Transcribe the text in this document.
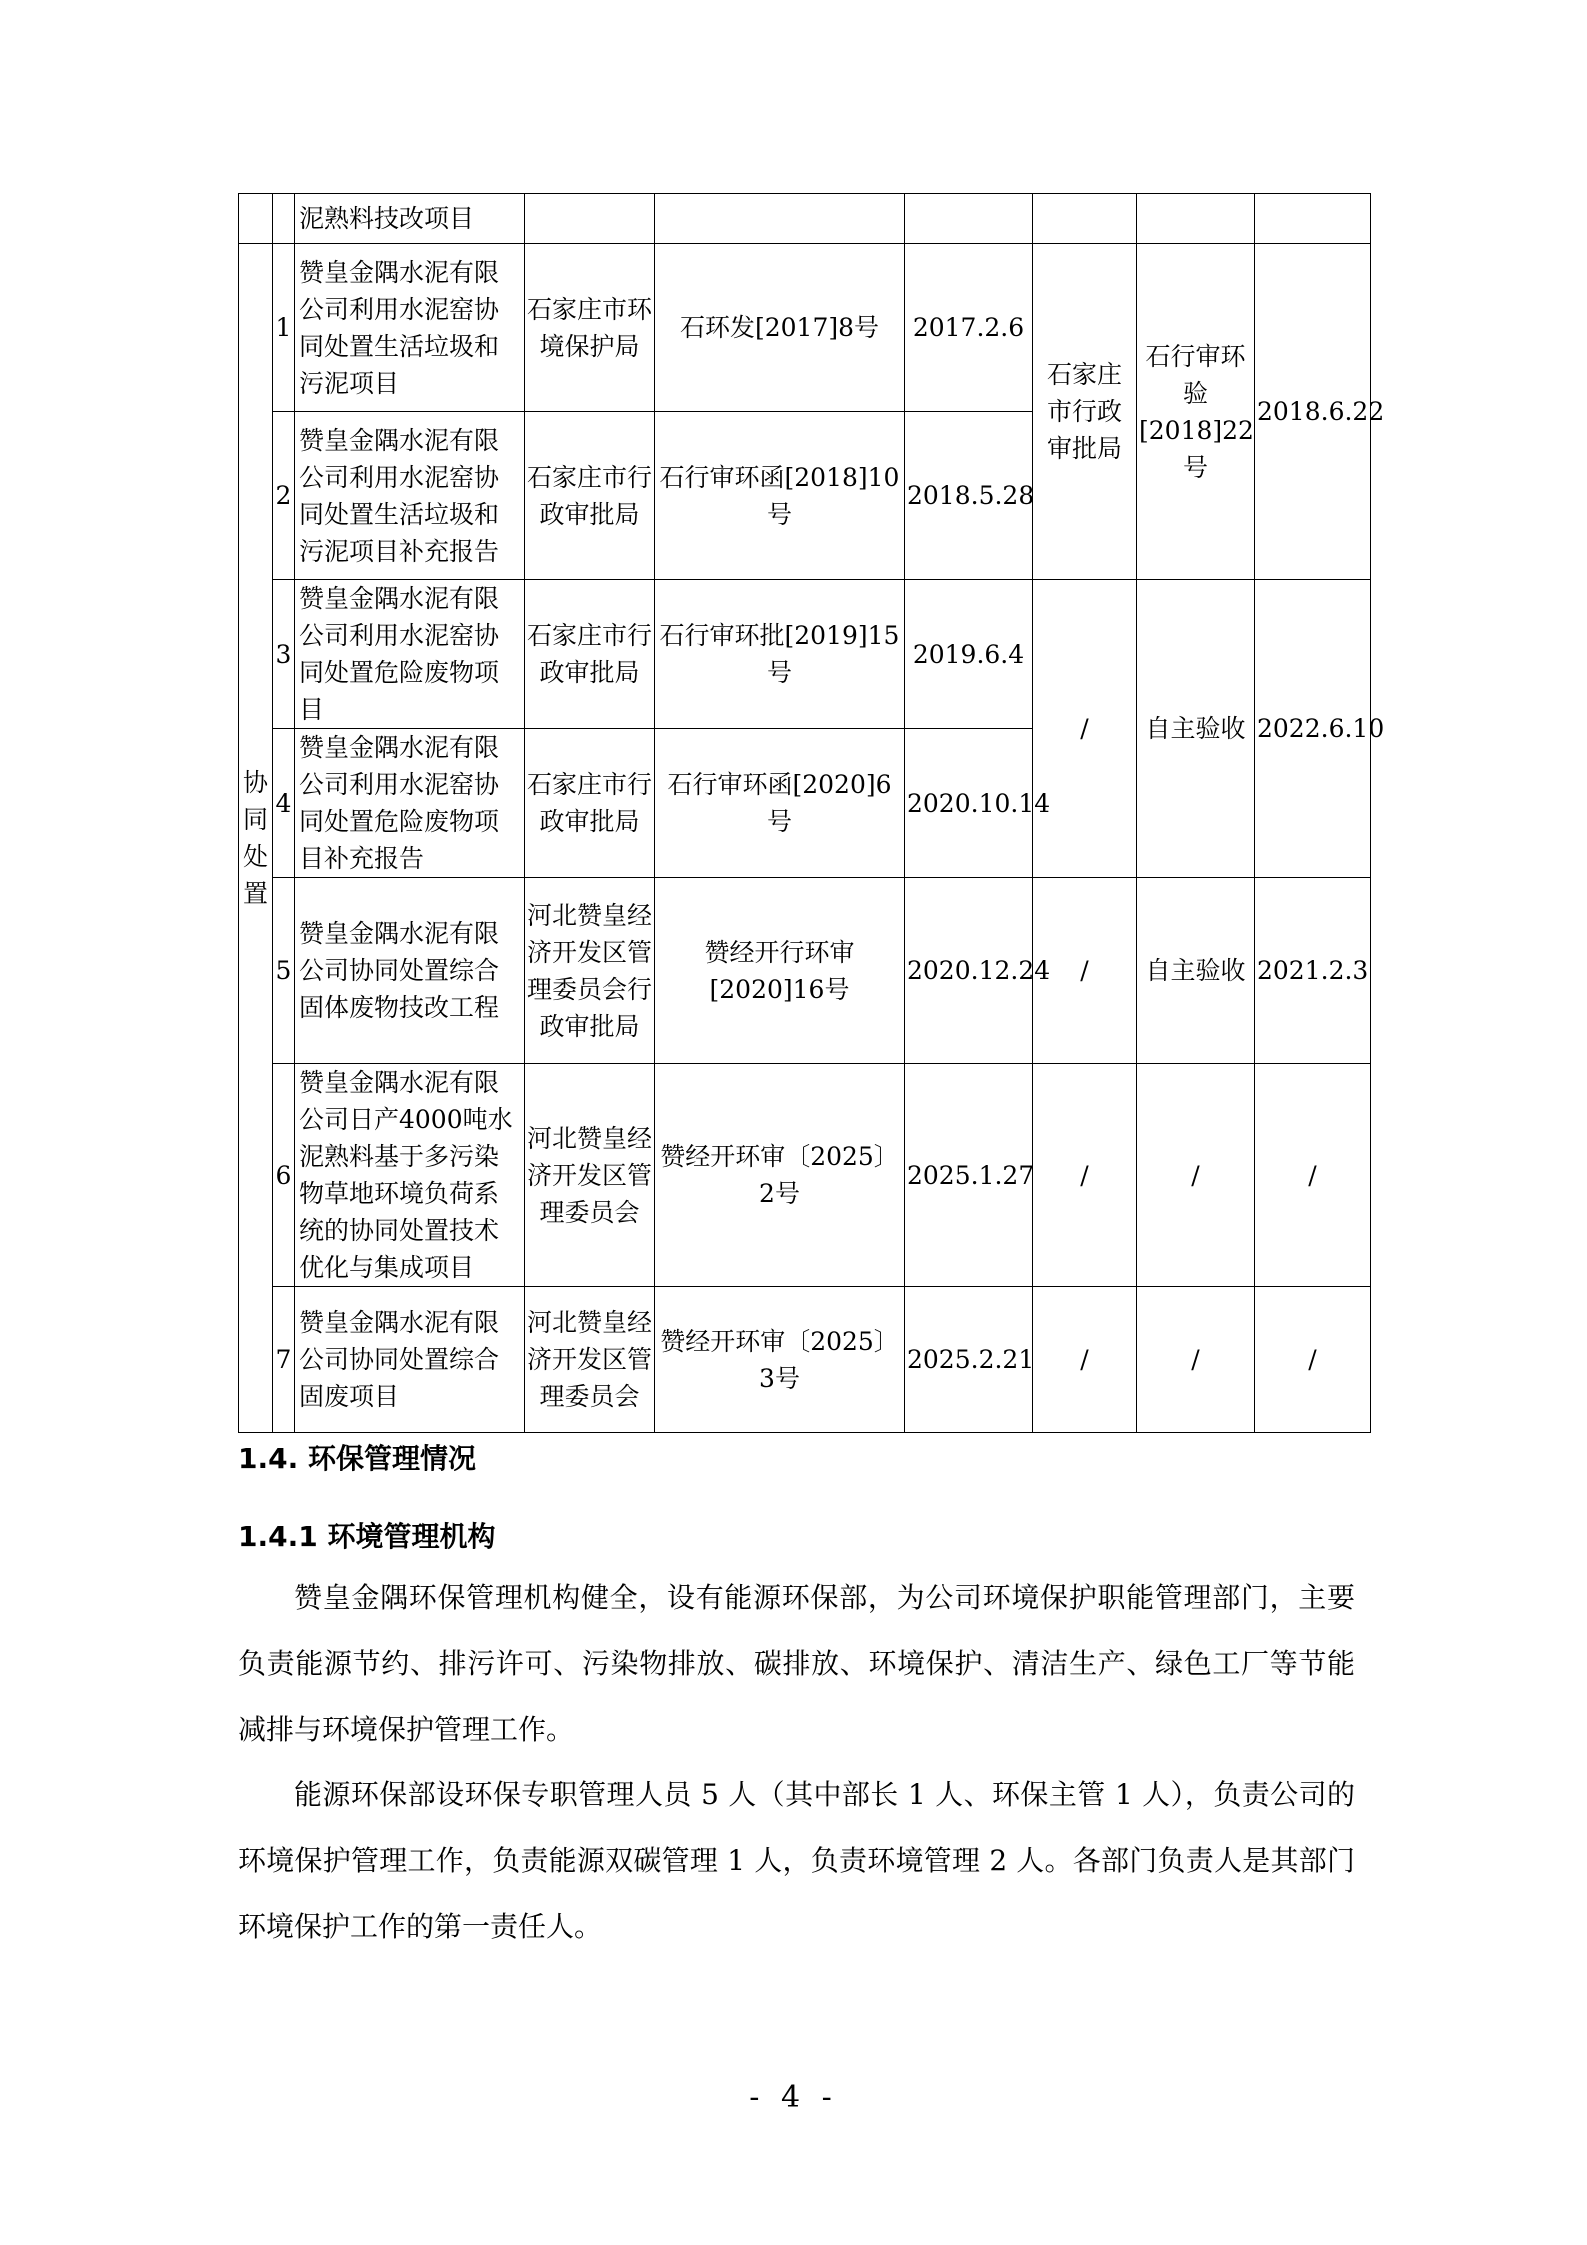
		泥熟料技改项目						
协同处置	1	赞皇金隅水泥有限公司利用水泥窑协同处置生活垃圾和污泥项目	石家庄市环境保护局	石环发[2017]8号	2017.2.6	石家庄市行政审批局	石行审环验[2018]22号	2018.6.22
	2	赞皇金隅水泥有限公司利用水泥窑协同处置生活垃圾和污泥项目补充报告	石家庄市行政审批局	石行审环函[2018]10号	2018.5.28			
	3	赞皇金隅水泥有限公司利用水泥窑协同处置危险废物项目	石家庄市行政审批局	石行审环批[2019]15号	2019.6.4	/	自主验收	2022.6.10
	4	赞皇金隅水泥有限公司利用水泥窑协同处置危险废物项目补充报告	石家庄市行政审批局	石行审环函[2020]6号	2020.10.14			
	5	赞皇金隅水泥有限公司协同处置综合固体废物技改工程	河北赞皇经济开发区管理委员会行政审批局	赞经开行环审[2020]16号	2020.12.24	/	自主验收	2021.2.3
	6	赞皇金隅水泥有限公司日产4000吨水泥熟料基于多污染物草地环境负荷系统的协同处置技术优化与集成项目	河北赞皇经济开发区管理委员会	赞经开环审〔2025〕2号	2025.1.27	/	/	/
	7	赞皇金隅水泥有限公司协同处置综合固废项目	河北赞皇经济开发区管理委员会	赞经开环审〔2025〕3号	2025.2.21	/	/	/
1.4. 环保管理情况
1.4.1 环境管理机构

赞皇金隅环保管理机构健全，设有能源环保部，为公司环境保护职能管理部门，主要负责能源节约、排污许可、污染物排放、碳排放、环境保护、清洁生产、绿色工厂等节能减排与环境保护管理工作。

能源环保部设环保专职管理人员 5 人（其中部长 1 人、环保主管 1 人），负责公司的环境保护管理工作，负责能源双碳管理 1 人，负责环境管理 2 人。各部门负责人是其部门环境保护工作的第一责任人。

- 4 -
